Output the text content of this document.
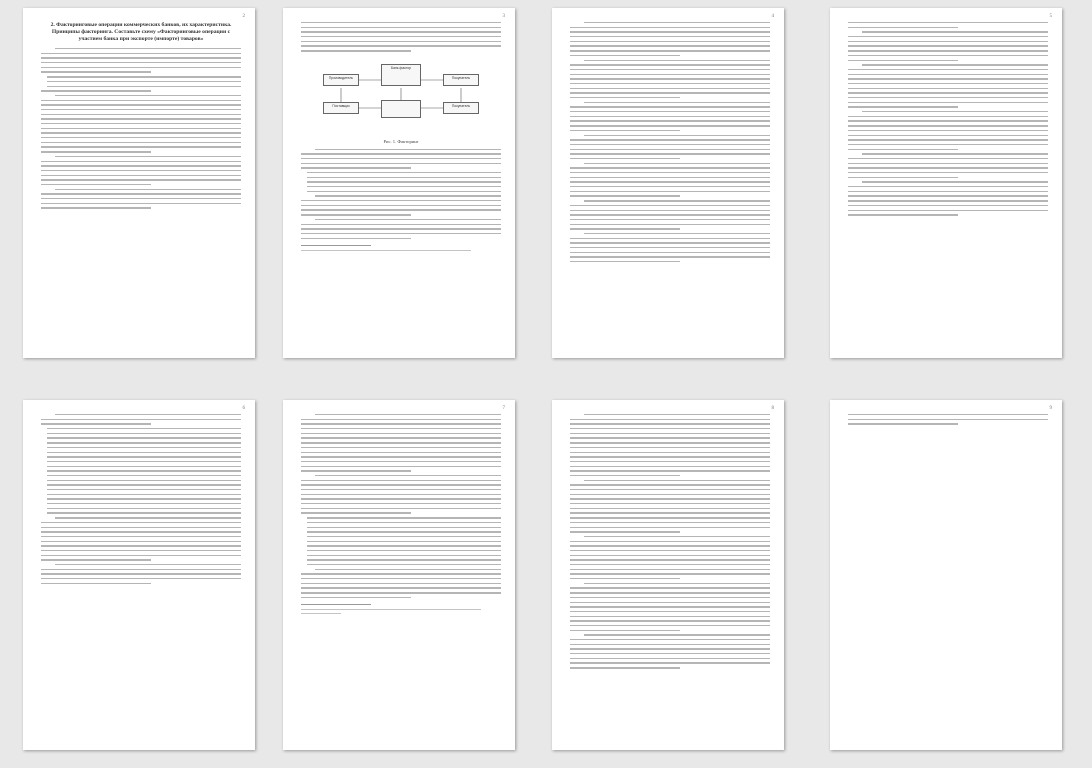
2
2. Факторинговые операции коммерческих банков, их характеристика. Принципы факторинга. Составьте схему «Факторинговые операции с участием банка при экспорте (импорте) товаров»
3
Производитель	Покупатель
Банк-фактор
Поставщик	Покупатель
Рис. 1. Факторинг
4	5
6	7	8	9
